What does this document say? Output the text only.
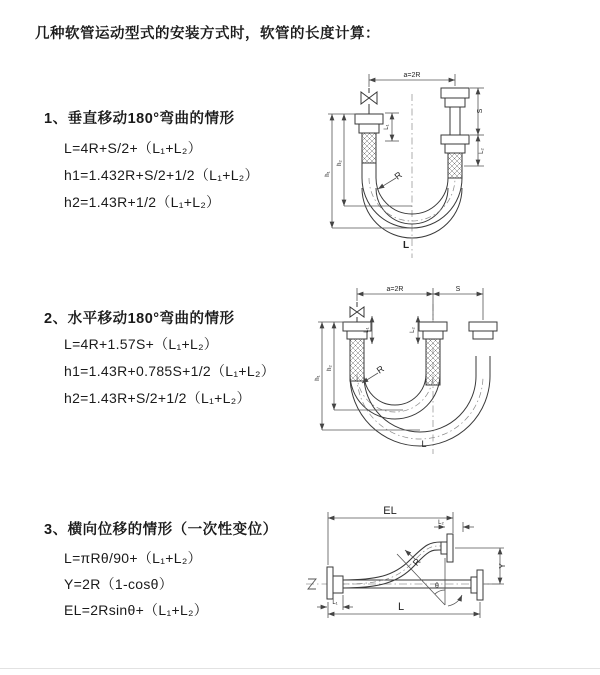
几种软管运动型式的安装方式时，软管的长度计算：
1、垂直移动180°弯曲的情形
L=4R+S/2+（L₁+L₂）
h1=1.432R+S/2+1/2（L₁+L₂）
h2=1.43R+1/2（L₁+L₂）
2、水平移动180°弯曲的情形
L=4R+1.57S+（L₁+L₂）
h1=1.43R+0.785S+1/2（L₁+L₂）
h2=1.43R+S/2+1/2（L₁+L₂）
3、横向位移的情形（一次性变位）
L=πRθ/90+（L₁+L₂）
Y=2R（1-cosθ）
EL=2Rsinθ+（L₁+L₂）
a=2R
S
L₂
L₁
h₁
h₂
R
L
a=2R	S
L₁	L₂
h₁
h₂	R
L
θ
R
EL
L₂
Y
L
L₁
